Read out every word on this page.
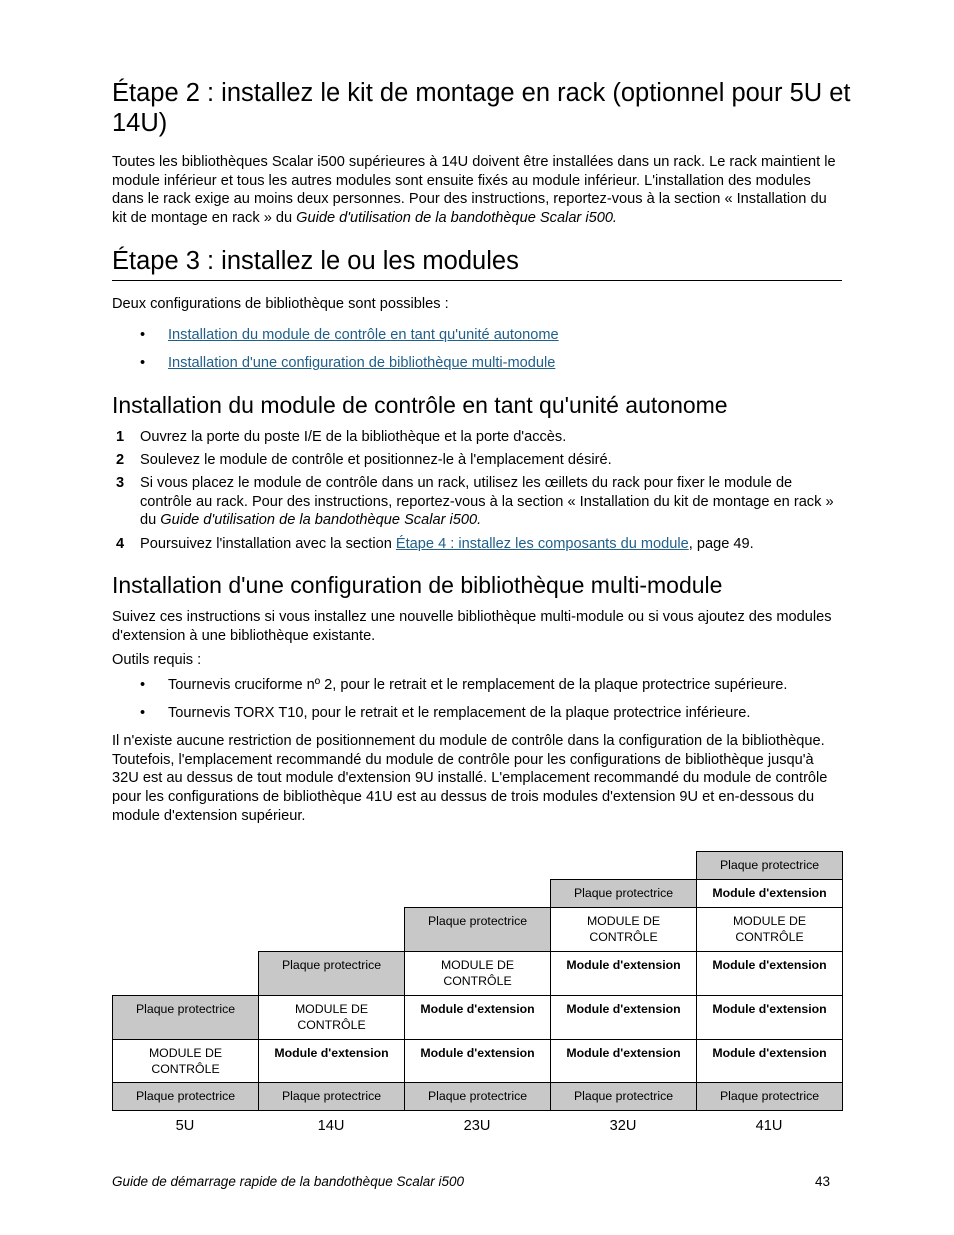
Étape 2 : installez le kit de montage en rack (optionnel pour 5U et 14U)

Toutes les bibliothèques Scalar i500 supérieures à 14U doivent être installées dans un rack. Le rack maintient le module inférieur et tous les autres modules sont ensuite fixés au module inférieur. L'installation des modules dans le rack exige au moins deux personnes. Pour des instructions, reportez-vous à la section « Installation du kit de montage en rack » du Guide d'utilisation de la bandothèque Scalar i500.

Étape 3 : installez le ou les modules

Deux configurations de bibliothèque sont possibles :

• Installation du module de contrôle en tant qu'unité autonome
• Installation d'une configuration de bibliothèque multi-module
Installation du module de contrôle en tant qu'unité autonome
1 Ouvrez la porte du poste I/E de la bibliothèque et la porte d'accès.
2 Soulevez le module de contrôle et positionnez-le à l'emplacement désiré.
3 Si vous placez le module de contrôle dans un rack, utilisez les œillets du rack pour fixer le module de contrôle au rack. Pour des instructions, reportez-vous à la section « Installation du kit de montage en rack » du Guide d'utilisation de la bandothèque Scalar i500.
4 Poursuivez l'installation avec la section Étape 4 : installez les composants du module, page 49.
Installation d'une configuration de bibliothèque multi-module

Suivez ces instructions si vous installez une nouvelle bibliothèque multi-module ou si vous ajoutez des modules d'extension à une bibliothèque existante.

Outils requis :

• Tournevis cruciforme nº 2, pour le retrait et le remplacement de la plaque protectrice supérieure.
• Tournevis TORX T10, pour le retrait et le remplacement de la plaque protectrice inférieure.

Il n'existe aucune restriction de positionnement du module de contrôle dans la configuration de la bibliothèque. Toutefois, l'emplacement recommandé du module de contrôle pour les configurations de bibliothèque jusqu'à 32U est au dessus de tout module d'extension 9U installé. L'emplacement recommandé du module de contrôle pour les configurations de bibliothèque 41U est au dessus de trois modules d'extension 9U et en-dessous du module d'extension supérieur.

Plaque protectrice
MODULE DE CONTRÔLE
Plaque protectrice
5U
Plaque protectrice
MODULE DE CONTRÔLE
Module d'extension
Plaque protectrice
14U
Plaque protectrice
MODULE DE CONTRÔLE
Module d'extension
Module d'extension
Plaque protectrice
23U
Plaque protectrice
MODULE DE CONTRÔLE
Module d'extension
Module d'extension
Module d'extension
Plaque protectrice
32U
Plaque protectrice
Module d'extension
MODULE DE CONTRÔLE
Module d'extension
Module d'extension
Module d'extension
Plaque protectrice
41U
Guide de démarrage rapide de la bandothèque Scalar i500	43
